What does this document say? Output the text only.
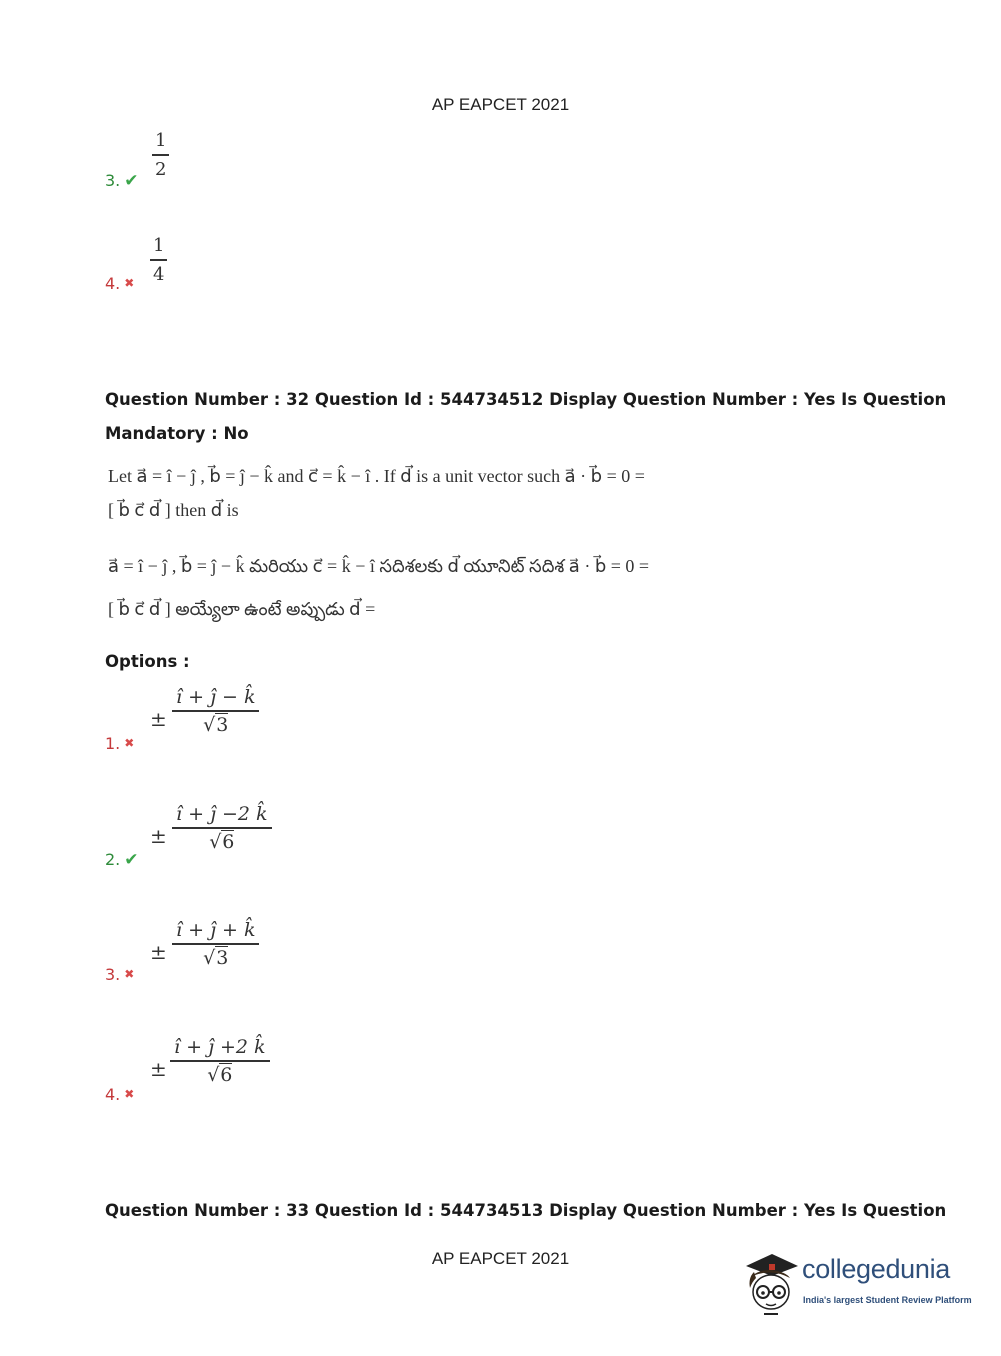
AP EAPCET 2021
3. ✔
1
2
4. ✖
1
4
Question Number : 32 Question Id : 544734512 Display Question Number : Yes Is Question
Mandatory : No
Let a⃗ = î − ĵ , b⃗ = ĵ − k̂ and c⃗ = k̂ − î . If d⃗ is a unit vector such a⃗ · b⃗ = 0 =
[ b⃗ c⃗ d⃗ ] then d⃗ is
a⃗ = î − ĵ , b⃗ = ĵ − k̂ మరియు c⃗ = k̂ − î సదిశలకు d⃗ యూనిట్ సదిశ a⃗ · b⃗ = 0 =
[ b⃗ c⃗ d⃗ ] అయ్యేలా ఉంటే అప్పుడు d⃗ =
Options :
1. ✖
±
î + ĵ − k̂
√3
2. ✔
±
î + ĵ −2 k̂
√6
3. ✖
±
î + ĵ + k̂
√3
4. ✖
±
î + ĵ +2 k̂
√6
Question Number : 33 Question Id : 544734513 Display Question Number : Yes Is Question
AP EAPCET 2021	collegedunia
India's largest Student Review Platform
